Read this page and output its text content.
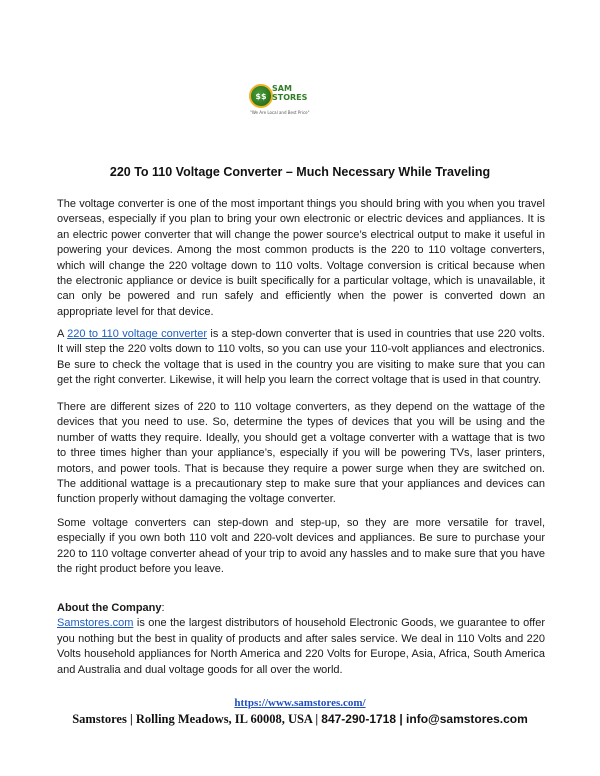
$$
SAM
STORES
"We Are Local and Best Price"
220 To 110 Voltage Converter – Much Necessary While Traveling
The voltage converter is one of the most important things you should bring with you when you travel overseas, especially if you plan to bring your own electronic or electric devices and appliances. It is an electric power converter that will change the power source’s electrical output to make it useful in powering your devices. Among the most common products is the 220 to 110 voltage converters, which will change the 220 voltage down to 110 volts. Voltage conversion is critical because when the electronic appliance or device is built specifically for a particular voltage, which is unavailable, it can only be powered and run safely and efficiently when the power is converted down an appropriate level for that device.
A 220 to 110 voltage converter is a step-down converter that is used in countries that use 220 volts. It will step the 220 volts down to 110 volts, so you can use your 110-volt appliances and electronics. Be sure to check the voltage that is used in the country you are visiting to make sure that you can get the right converter. Likewise, it will help you learn the correct voltage that is used in that country.
There are different sizes of 220 to 110 voltage converters, as they depend on the wattage of the devices that you need to use. So, determine the types of devices that you will be using and the number of watts they require. Ideally, you should get a voltage converter with a wattage that is two to three times higher than your appliance’s, especially if you will be powering TVs, laser printers, motors, and power tools. That is because they require a power surge when they are switched on. The additional wattage is a precautionary step to make sure that your appliances and devices can function properly without damaging the voltage converter.
Some voltage converters can step-down and step-up, so they are more versatile for travel, especially if you own both 110 volt and 220-volt devices and appliances. Be sure to purchase your 220 to 110 voltage converter ahead of your trip to avoid any hassles and to make sure that you have the right product before you leave.
About the Company:
Samstores.com is one the largest distributors of household Electronic Goods, we guarantee to offer you nothing but the best in quality of products and after sales service. We deal in 110 Volts and 220 Volts household appliances for North America and 220 Volts for Europe, Asia, Africa, South America and Australia and dual voltage goods for all over the world.
https://www.samstores.com/
Samstores | Rolling Meadows, IL 60008, USA | 847-290-1718 | info@samstores.com
